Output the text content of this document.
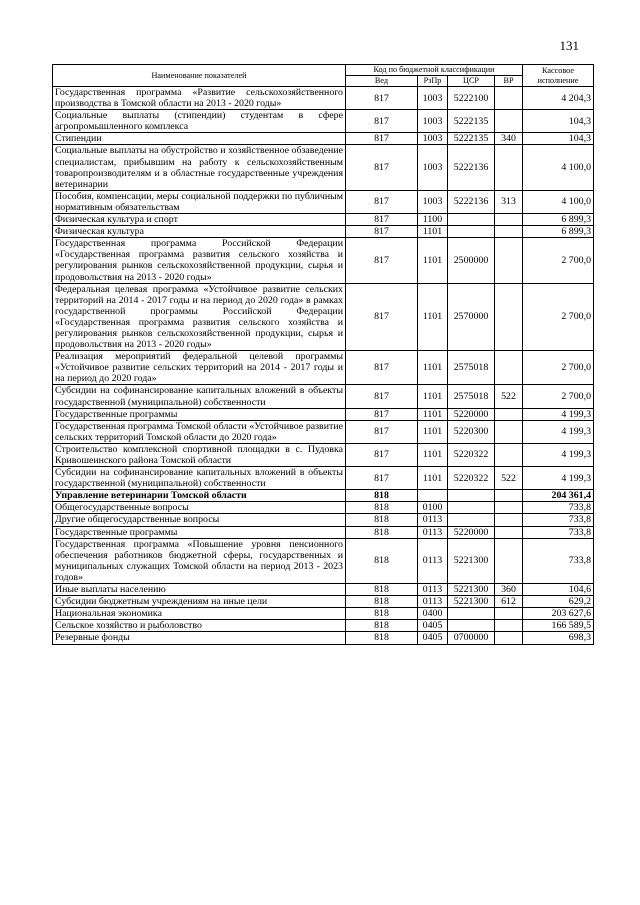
131
Наименование показателей	Код по бюджетной классификации				Кассовое исполнение
	Вед	РзПр	ЦСР	ВР	
Государственная программа «Развитие сельскохозяйственного производства в Томской области на 2013 - 2020 годы»	817	1003	5222100		4 204,3
Социальные выплаты (стипендии) студентам в сфере агропромышленного комплекса	817	1003	5222135		104,3
Стипендии	817	1003	5222135	340	104,3
Социальные выплаты на обустройство и хозяйственное обзаведение специалистам, прибывшим на работу к сельскохозяйственным товаропроизводителям и в областные государственные учреждения ветеринарии	817	1003	5222136		4 100,0
Пособия, компенсации, меры социальной поддержки по публичным нормативным обязательствам	817	1003	5222136	313	4 100,0
Физическая культура и спорт	817	1100			6 899,3
Физическая культура	817	1101			6 899,3
Государственная программа Российской Федерации «Государственная программа развития сельского хозяйства и регулирования рынков сельскохозяйственной продукции, сырья и продовольствия на 2013 - 2020 годы»	817	1101	2500000		2 700,0
Федеральная целевая программа «Устойчивое развитие сельских территорий на 2014 - 2017 годы и на период до 2020 года» в рамках государственной программы Российской Федерации «Государственная программа развития сельского хозяйства и регулирования рынков сельскохозяйственной продукции, сырья и продовольствия на 2013 - 2020 годы»	817	1101	2570000		2 700,0
Реализация мероприятий федеральной целевой программы «Устойчивое развитие сельских территорий на 2014 - 2017 годы и на период до 2020 года»	817	1101	2575018		2 700,0
Субсидии на софинансирование капитальных вложений в объекты государственной (муниципальной) собственности	817	1101	2575018	522	2 700,0
Государственные программы	817	1101	5220000		4 199,3
Государственная программа Томской области «Устойчивое развитие сельских территорий Томской области до 2020 года»	817	1101	5220300		4 199,3
Строительство комплексной спортивной площадки в с. Пудовка Кривошеинского района Томской области	817	1101	5220322		4 199,3
Субсидии на софинансирование капитальных вложений в объекты государственной (муниципальной) собственности	817	1101	5220322	522	4 199,3
Управление ветеринарии Томской области	818				204 361,4
Общегосударственные вопросы	818	0100			733,8
Другие общегосударственные вопросы	818	0113			733,8
Государственные программы	818	0113	5220000		733,8
Государственная программа «Повышение уровня пенсионного обеспечения работников бюджетной сферы, государственных и муниципальных служащих Томской области на период 2013 - 2023 годов»	818	0113	5221300		733,8
Иные выплаты населению	818	0113	5221300	360	104,6
Субсидии бюджетным учреждениям на иные цели	818	0113	5221300	612	629,2
Национальная экономика	818	0400			203 627,6
Сельское хозяйство и рыболовство	818	0405			166 589,5
Резервные фонды	818	0405	0700000		698,3
